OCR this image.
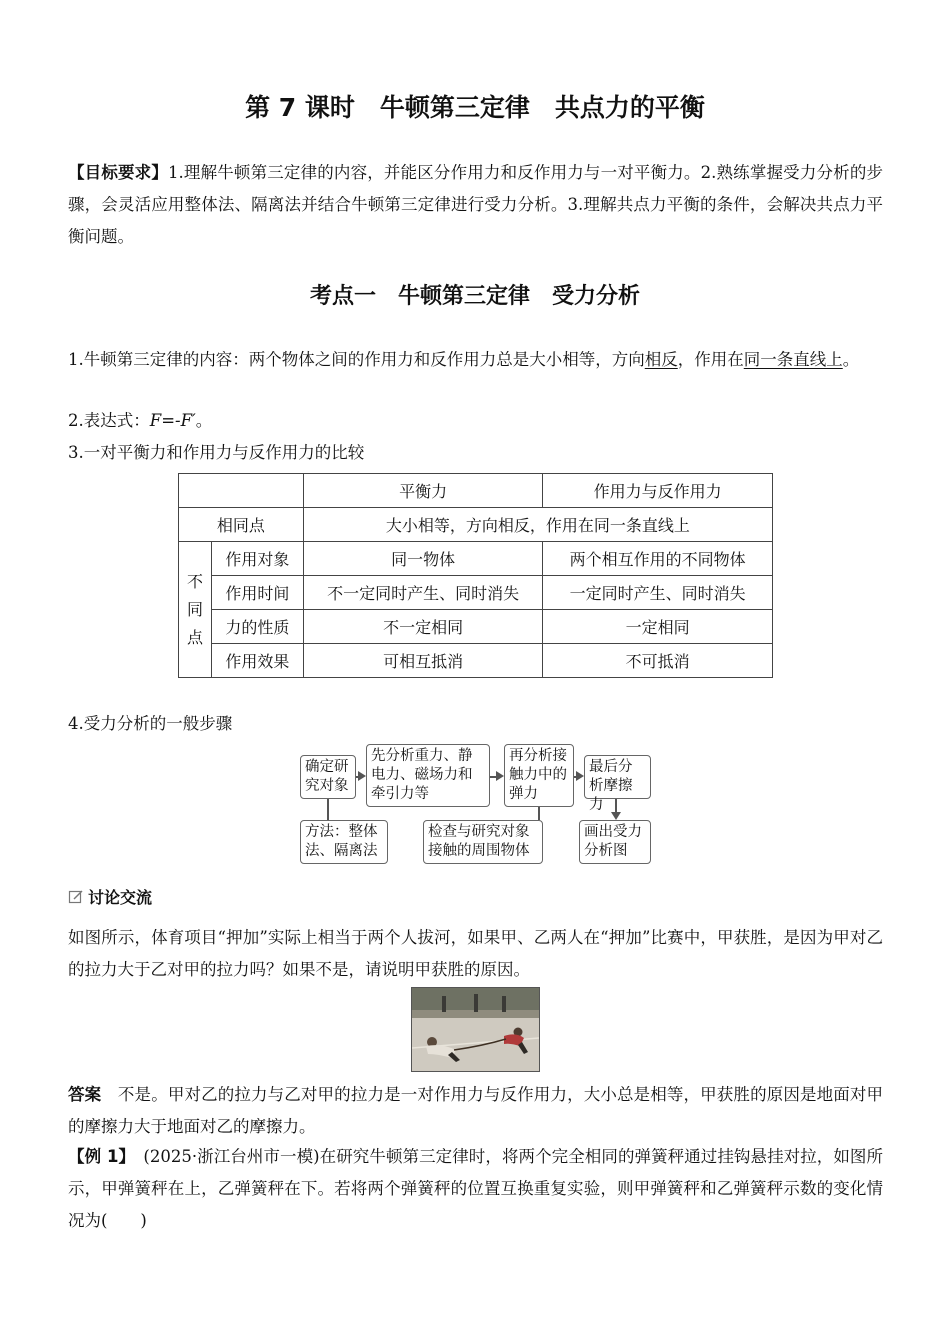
第 7 课时　牛顿第三定律　共点力的平衡
【目标要求】1.理解牛顿第三定律的内容，并能区分作用力和反作用力与一对平衡力。2.熟练掌握受力分析的步骤，会灵活应用整体法、隔离法并结合牛顿第三定律进行受力分析。3.理解共点力平衡的条件，会解决共点力平衡问题。
考点一　牛顿第三定律　受力分析
1.牛顿第三定律的内容：两个物体之间的作用力和反作用力总是大小相等，方向相反，作用在同一条直线上。
2.表达式：F=-F′。
3.一对平衡力和作用力与反作用力的比较
		平衡力	作用力与反作用力
相同点		大小相等，方向相反，作用在同一条直线上	
不
同
点	作用对象	同一物体	两个相互作用的不同物体
	作用时间	不一定同时产生、同时消失	一定同时产生、同时消失
	力的性质	不一定相同	一定相同
	作用效果	可相互抵消	不可抵消
4.受力分析的一般步骤
确定研究对象
先分析重力、静电力、磁场力和牵引力等
再分析接触力中的弹力
最后分析摩擦力
方法：整体法、隔离法
检查与研究对象接触的周围物体
画出受力分析图
讨论交流
如图所示，体育项目“押加”实际上相当于两个人拔河，如果甲、乙两人在“押加”比赛中，甲获胜，是因为甲对乙的拉力大于乙对甲的拉力吗？如果不是，请说明甲获胜的原因。
答案　 不是。甲对乙的拉力与乙对甲的拉力是一对作用力与反作用力，大小总是相等，甲获胜的原因是地面对甲的摩擦力大于地面对乙的摩擦力。
【例 1】　 (2025·浙江台州市一模)在研究牛顿第三定律时，将两个完全相同的弹簧秤通过挂钩悬挂对拉，如图所示，甲弹簧秤在上，乙弹簧秤在下。若将两个弹簧秤的位置互换重复实验，则甲弹簧秤和乙弹簧秤示数的变化情况为(　　)
